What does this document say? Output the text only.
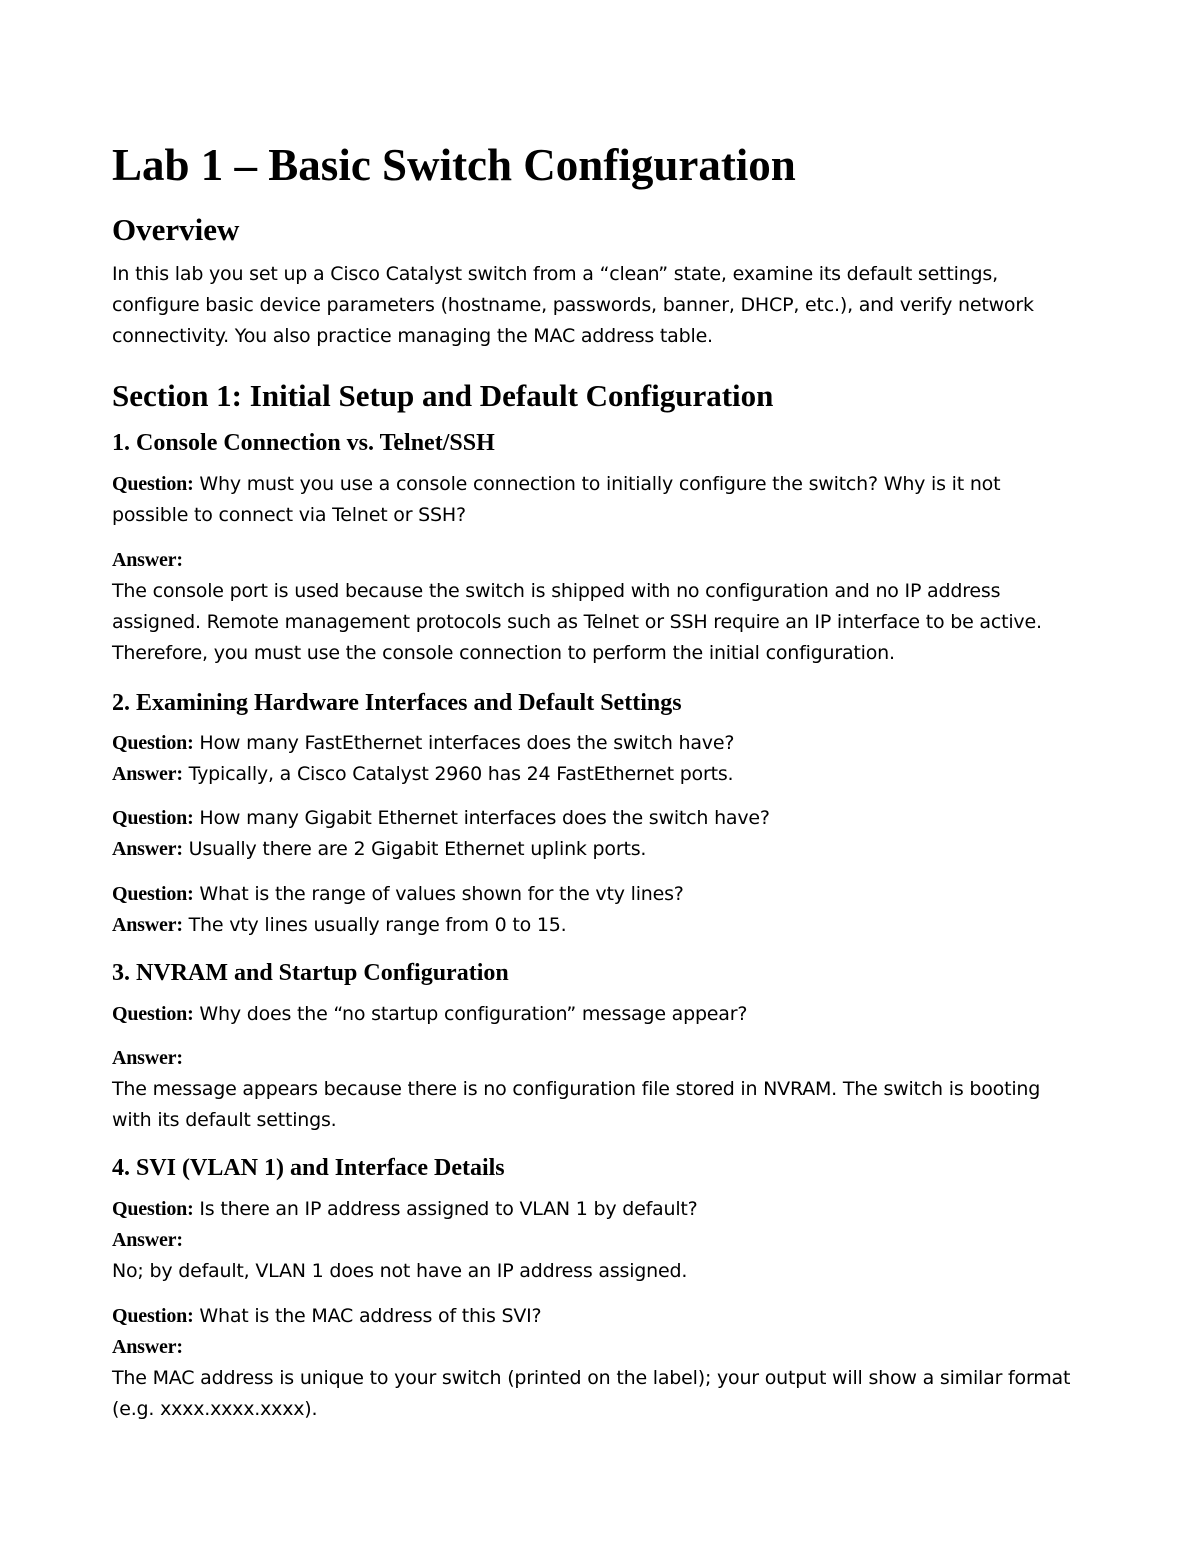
Lab 1 – Basic Switch Configuration
Overview

In this lab you set up a Cisco Catalyst switch from a “clean” state, examine its default settings, configure basic device parameters (hostname, passwords, banner, DHCP, etc.), and verify network connectivity. You also practice managing the MAC address table.

Section 1: Initial Setup and Default Configuration
1. Console Connection vs. Telnet/SSH

Question: Why must you use a console connection to initially configure the switch? Why is it not possible to connect via Telnet or SSH?

Answer:

The console port is used because the switch is shipped with no configuration and no IP address assigned. Remote management protocols such as Telnet or SSH require an IP interface to be active. Therefore, you must use the console connection to perform the initial configuration.

2. Examining Hardware Interfaces and Default Settings
Question: How many FastEthernet interfaces does the switch have?
Answer: Typically, a Cisco Catalyst 2960 has 24 FastEthernet ports.
Question: How many Gigabit Ethernet interfaces does the switch have?
Answer: Usually there are 2 Gigabit Ethernet uplink ports.
Question: What is the range of values shown for the vty lines?
Answer: The vty lines usually range from 0 to 15.
3. NVRAM and Startup Configuration
Question: Why does the “no startup configuration” message appear?
Answer:

The message appears because there is no configuration file stored in NVRAM. The switch is booting with its default settings.

4. SVI (VLAN 1) and Interface Details
Question: Is there an IP address assigned to VLAN 1 by default?
Answer:
No; by default, VLAN 1 does not have an IP address assigned.
Question: What is the MAC address of this SVI?
Answer:
The MAC address is unique to your switch (printed on the label); your output will show a similar format (e.g. xxxx.xxxx.xxxx).
